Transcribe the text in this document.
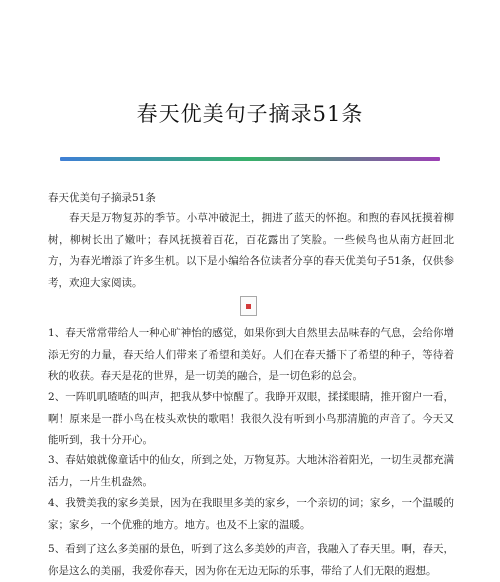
春天优美句子摘录51条
春天优美句子摘录51条
春天是万物复苏的季节。小草冲破泥土，拥进了蓝天的怀抱。和煦的春风抚摸着柳树，柳树长出了嫩叶；春风抚摸着百花，百花露出了笑脸。一些候鸟也从南方赶回北方，为春光增添了许多生机。以下是小编给各位读者分享的春天优美句子51条，仅供参考，欢迎大家阅读。
1、春天常常带给人一种心旷神怡的感觉，如果你到大自然里去品味春的气息，会给你增添无穷的力量，春天给人们带来了希望和美好。人们在春天播下了希望的种子，等待着秋的收获。春天是花的世界，是一切美的融合，是一切色彩的总会。
2、一阵叽叽喳喳的叫声，把我从梦中惊醒了。我睁开双眼，揉揉眼睛，推开窗户一看，啊！原来是一群小鸟在枝头欢快的歌唱！我很久没有听到小鸟那清脆的声音了。今天又能听到，我十分开心。
3、春姑娘就像童话中的仙女，所到之处，万物复苏。大地沐浴着阳光，一切生灵都充满活力，一片生机盎然。
4、我赞美我的家乡美景，因为在我眼里多美的家乡，一个亲切的词；家乡，一个温暖的家；家乡，一个优雅的地方。地方。也及不上家的温暖。
5、看到了这么多美丽的景色，听到了这么多美妙的声音，我融入了春天里。啊，春天，你是这么的美丽，我爱你春天，因为你在无边无际的乐事，带给了人们无限的遐想。
